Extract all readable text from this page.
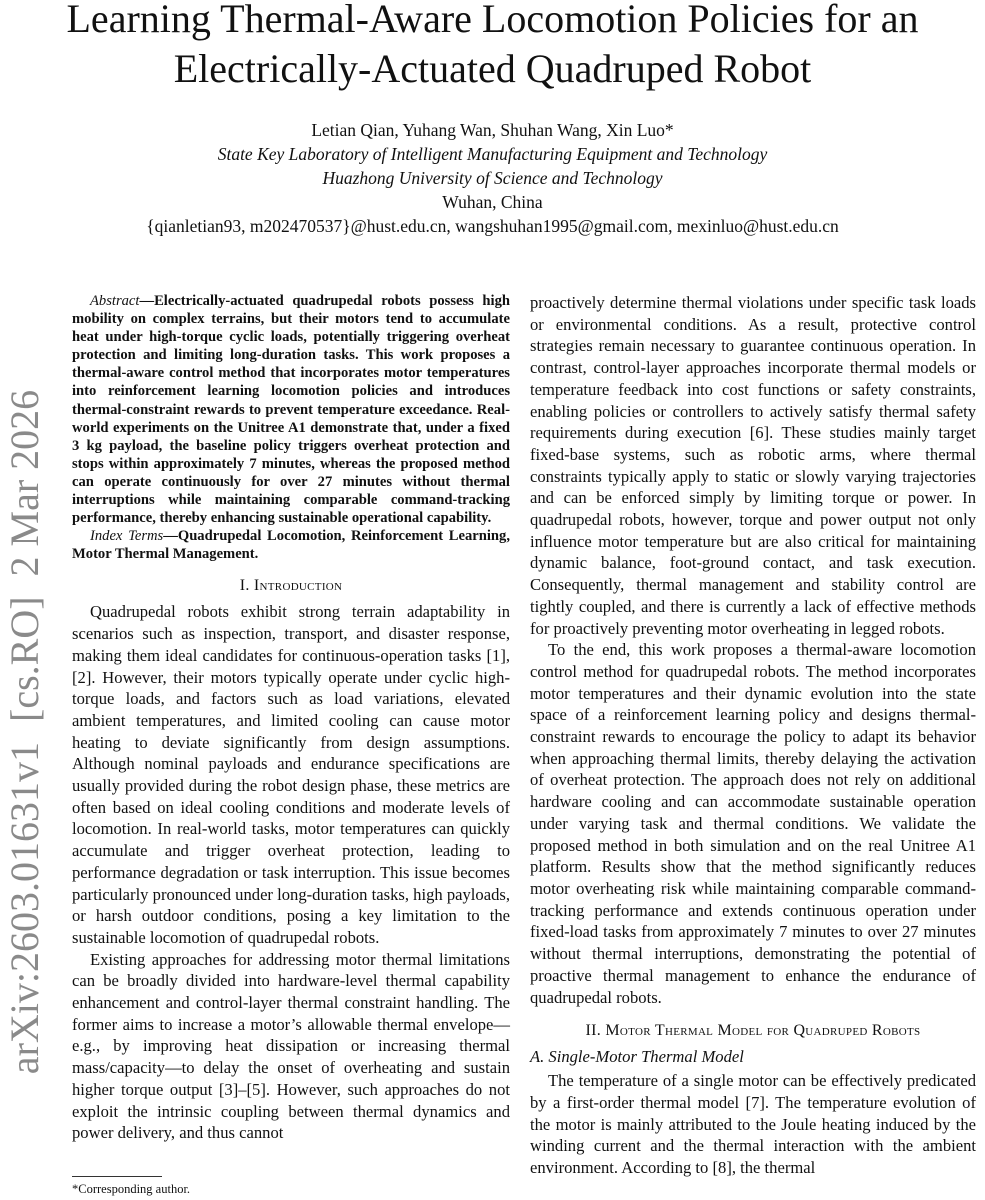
Learning Thermal-Aware Locomotion Policies for an Electrically-Actuated Quadruped Robot
Letian Qian, Yuhang Wan, Shuhan Wang, Xin Luo*
State Key Laboratory of Intelligent Manufacturing Equipment and Technology
Huazhong University of Science and Technology
Wuhan, China
{qianletian93, m202470537}@hust.edu.cn, wangshuhan1995@gmail.com, mexinluo@hust.edu.cn
arXiv:2603.01631v1  [cs.RO]  2 Mar 2026

Abstract—Electrically-actuated quadrupedal robots possess high mobility on complex terrains, but their motors tend to accumulate heat under high-torque cyclic loads, potentially triggering overheat protection and limiting long-duration tasks. This work proposes a thermal-aware control method that incorporates motor temperatures into reinforcement learning locomotion policies and introduces thermal-constraint rewards to prevent temperature exceedance. Real-world experiments on the Unitree A1 demonstrate that, under a fixed 3 kg payload, the baseline policy triggers overheat protection and stops within approximately 7 minutes, whereas the proposed method can operate continuously for over 27 minutes without thermal interruptions while maintaining comparable command-tracking performance, thereby enhancing sustainable operational capability.

Index Terms—Quadrupedal Locomotion, Reinforcement Learning, Motor Thermal Management.

I. Introduction

Quadrupedal robots exhibit strong terrain adaptability in scenarios such as inspection, transport, and disaster response, making them ideal candidates for continuous-operation tasks [1], [2]. However, their motors typically operate under cyclic high-torque loads, and factors such as load variations, elevated ambient temperatures, and limited cooling can cause motor heating to deviate significantly from design assumptions. Although nominal payloads and endurance specifications are usually provided during the robot design phase, these metrics are often based on ideal cooling conditions and moderate levels of locomotion. In real-world tasks, motor temperatures can quickly accumulate and trigger overheat protection, leading to performance degradation or task interruption. This issue becomes particularly pronounced under long-duration tasks, high payloads, or harsh outdoor conditions, posing a key limitation to the sustainable locomotion of quadrupedal robots.

Existing approaches for addressing motor thermal limitations can be broadly divided into hardware-level thermal capability enhancement and control-layer thermal constraint handling. The former aims to increase a motor’s allowable thermal envelope—e.g., by improving heat dissipation or increasing thermal mass/capacity—to delay the onset of overheating and sustain higher torque output [3]–[5]. However, such approaches do not exploit the intrinsic coupling between thermal dynamics and power delivery, and thus cannot

proactively determine thermal violations under specific task loads or environmental conditions. As a result, protective control strategies remain necessary to guarantee continuous operation. In contrast, control-layer approaches incorporate thermal models or temperature feedback into cost functions or safety constraints, enabling policies or controllers to actively satisfy thermal safety requirements during execution [6]. These studies mainly target fixed-base systems, such as robotic arms, where thermal constraints typically apply to static or slowly varying trajectories and can be enforced simply by limiting torque or power. In quadrupedal robots, however, torque and power output not only influence motor temperature but are also critical for maintaining dynamic balance, foot-ground contact, and task execution. Consequently, thermal management and stability control are tightly coupled, and there is currently a lack of effective methods for proactively preventing motor overheating in legged robots.

To the end, this work proposes a thermal-aware locomotion control method for quadrupedal robots. The method incorporates motor temperatures and their dynamic evolution into the state space of a reinforcement learning policy and designs thermal-constraint rewards to encourage the policy to adapt its behavior when approaching thermal limits, thereby delaying the activation of overheat protection. The approach does not rely on additional hardware cooling and can accommodate sustainable operation under varying task and thermal conditions. We validate the proposed method in both simulation and on the real Unitree A1 platform. Results show that the method significantly reduces motor overheating risk while maintaining comparable command-tracking performance and extends continuous operation under fixed-load tasks from approximately 7 minutes to over 27 minutes without thermal interruptions, demonstrating the potential of proactive thermal management to enhance the endurance of quadrupedal robots.

II. Motor Thermal Model for Quadruped Robots
A. Single-Motor Thermal Model

The temperature of a single motor can be effectively predicated by a first-order thermal model [7]. The temperature evolution of the motor is mainly attributed to the Joule heating induced by the winding current and the thermal interaction with the ambient environment. According to [8], the thermal

*Corresponding author.
